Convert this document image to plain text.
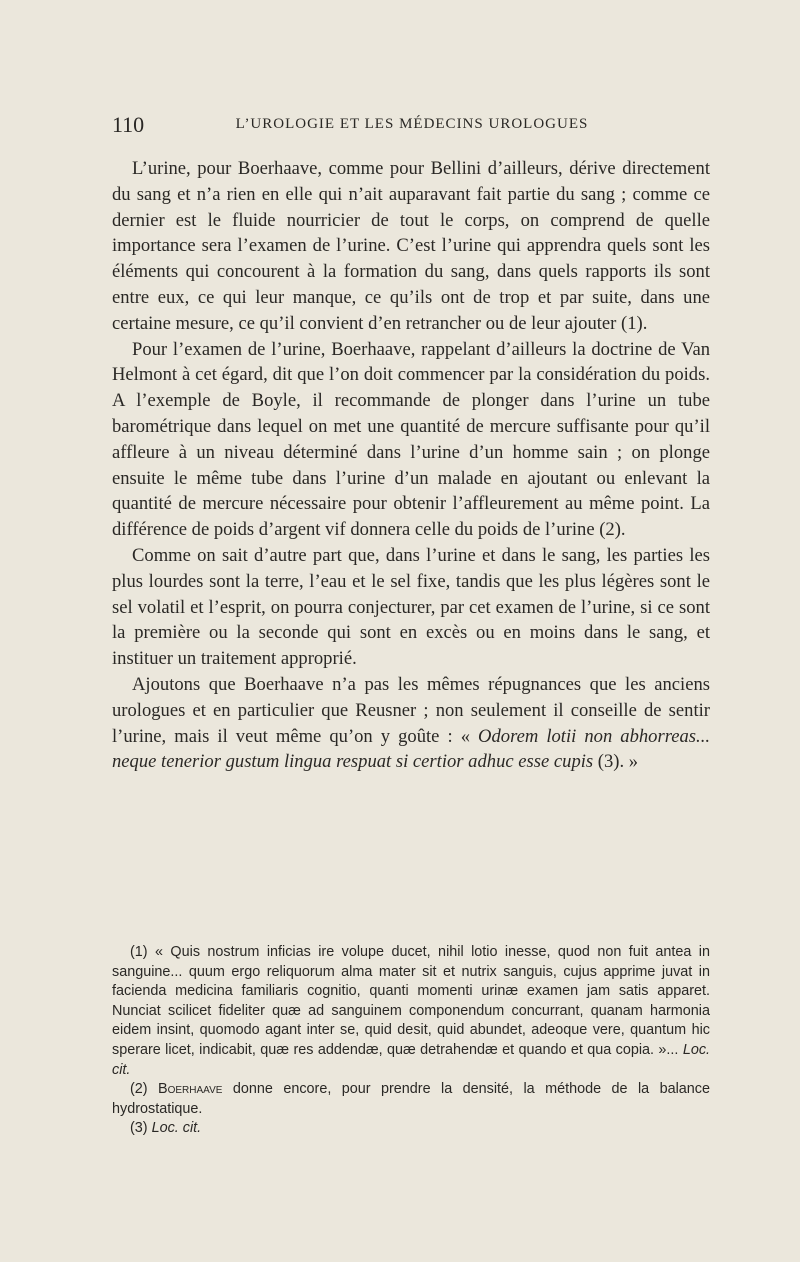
110	L’UROLOGIE ET LES MÉDECINS UROLOGUES

L’urine, pour Boerhaave, comme pour Bellini d’ailleurs, dérive directement du sang et n’a rien en elle qui n’ait auparavant fait partie du sang ; comme ce dernier est le fluide nourricier de tout le corps, on comprend de quelle importance sera l’examen de l’urine. C’est l’urine qui apprendra quels sont les éléments qui concourent à la formation du sang, dans quels rapports ils sont entre eux, ce qui leur manque, ce qu’ils ont de trop et par suite, dans une certaine mesure, ce qu’il convient d’en retrancher ou de leur ajouter (1).

Pour l’examen de l’urine, Boerhaave, rappelant d’ailleurs la doctrine de Van Helmont à cet égard, dit que l’on doit commencer par la considération du poids. A l’exemple de Boyle, il recommande de plonger dans l’urine un tube barométrique dans lequel on met une quantité de mercure suffisante pour qu’il affleure à un niveau déterminé dans l’urine d’un homme sain ; on plonge ensuite le même tube dans l’urine d’un malade en ajoutant ou enlevant la quantité de mercure nécessaire pour obtenir l’affleurement au même point. La différence de poids d’argent vif donnera celle du poids de l’urine (2).

Comme on sait d’autre part que, dans l’urine et dans le sang, les parties les plus lourdes sont la terre, l’eau et le sel fixe, tandis que les plus légères sont le sel volatil et l’esprit, on pourra conjecturer, par cet examen de l’urine, si ce sont la première ou la seconde qui sont en excès ou en moins dans le sang, et instituer un traitement approprié.

Ajoutons que Boerhaave n’a pas les mêmes répugnances que les anciens urologues et en particulier que Reusner ; non seulement il conseille de sentir l’urine, mais il veut même qu’on y goûte : « Odorem lotii non abhorreas... neque tenerior gustum lingua respuat si certior adhuc esse cupis (3). »

(1) « Quis nostrum inficias ire volupe ducet, nihil lotio inesse, quod non fuit antea in sanguine... quum ergo reliquorum alma mater sit et nutrix sanguis, cujus apprime juvat in facienda medicina familiaris cognitio, quanti momenti urinæ examen jam satis apparet. Nunciat scilicet fideliter quæ ad sanguinem componendum concurrant, quanam harmonia eidem insint, quomodo agant inter se, quid desit, quid abundet, adeoque vere, quantum hic sperare licet, indicabit, quæ res addendæ, quæ detrahendæ et quando et qua copia. »... Loc. cit.

(2) Boerhaave donne encore, pour prendre la densité, la méthode de la balance hydrostatique.

(3) Loc. cit.
